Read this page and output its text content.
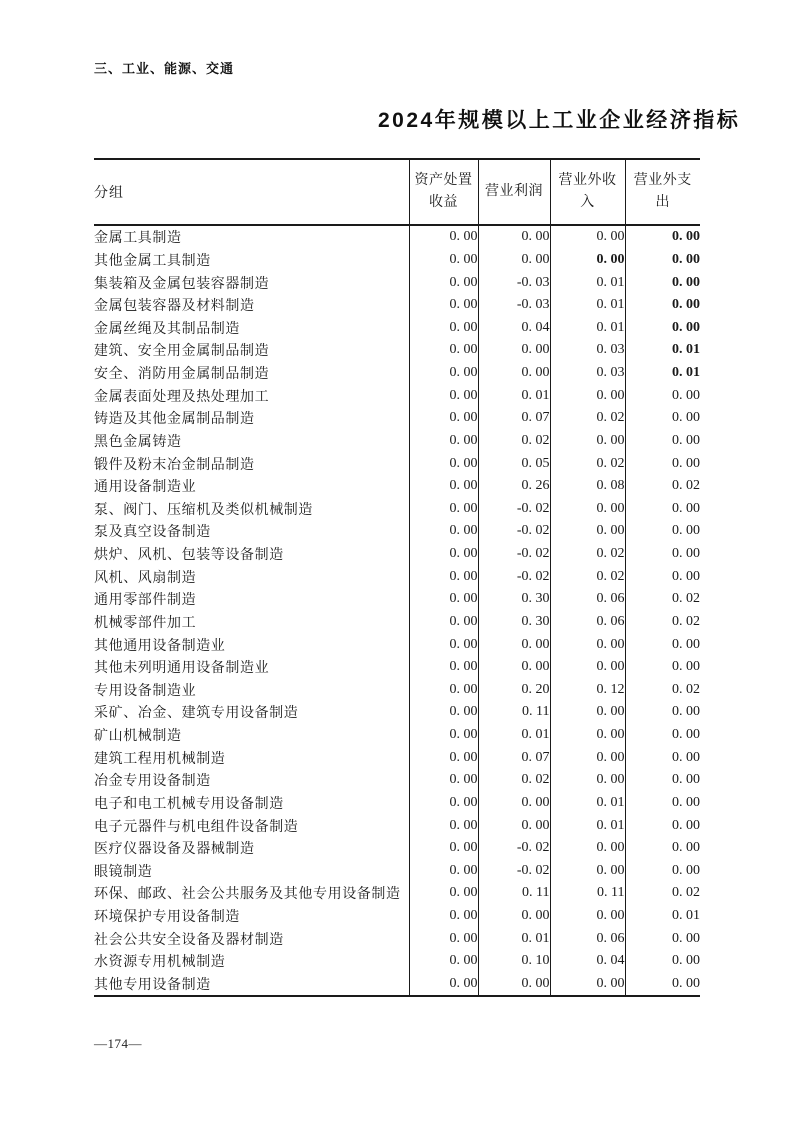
三、工业、能源、交通
2024年规模以上工业企业经济指标
分组	资产处置收益	营业利润	营业外收入	营业外支出
金属工具制造	0. 00	0. 00	0. 00	0. 00
其他金属工具制造	0. 00	0. 00	0. 00	0. 00
集装箱及金属包装容器制造	0. 00	-0. 03	0. 01	0. 00
金属包装容器及材料制造	0. 00	-0. 03	0. 01	0. 00
金属丝绳及其制品制造	0. 00	0. 04	0. 01	0. 00
建筑、安全用金属制品制造	0. 00	0. 00	0. 03	0. 01
安全、消防用金属制品制造	0. 00	0. 00	0. 03	0. 01
金属表面处理及热处理加工	0. 00	0. 01	0. 00	0. 00
铸造及其他金属制品制造	0. 00	0. 07	0. 02	0. 00
黑色金属铸造	0. 00	0. 02	0. 00	0. 00
锻件及粉末冶金制品制造	0. 00	0. 05	0. 02	0. 00
通用设备制造业	0. 00	0. 26	0. 08	0. 02
泵、阀门、压缩机及类似机械制造	0. 00	-0. 02	0. 00	0. 00
泵及真空设备制造	0. 00	-0. 02	0. 00	0. 00
烘炉、风机、包装等设备制造	0. 00	-0. 02	0. 02	0. 00
风机、风扇制造	0. 00	-0. 02	0. 02	0. 00
通用零部件制造	0. 00	0. 30	0. 06	0. 02
机械零部件加工	0. 00	0. 30	0. 06	0. 02
其他通用设备制造业	0. 00	0. 00	0. 00	0. 00
其他未列明通用设备制造业	0. 00	0. 00	0. 00	0. 00
专用设备制造业	0. 00	0. 20	0. 12	0. 02
采矿、冶金、建筑专用设备制造	0. 00	0. 11	0. 00	0. 00
矿山机械制造	0. 00	0. 01	0. 00	0. 00
建筑工程用机械制造	0. 00	0. 07	0. 00	0. 00
冶金专用设备制造	0. 00	0. 02	0. 00	0. 00
电子和电工机械专用设备制造	0. 00	0. 00	0. 01	0. 00
电子元器件与机电组件设备制造	0. 00	0. 00	0. 01	0. 00
医疗仪器设备及器械制造	0. 00	-0. 02	0. 00	0. 00
眼镜制造	0. 00	-0. 02	0. 00	0. 00
环保、邮政、社会公共服务及其他专用设备制造	0. 00	0. 11	0. 11	0. 02
环境保护专用设备制造	0. 00	0. 00	0. 00	0. 01
社会公共安全设备及器材制造	0. 00	0. 01	0. 06	0. 00
水资源专用机械制造	0. 00	0. 10	0. 04	0. 00
其他专用设备制造	0. 00	0. 00	0. 00	0. 00
—174—
